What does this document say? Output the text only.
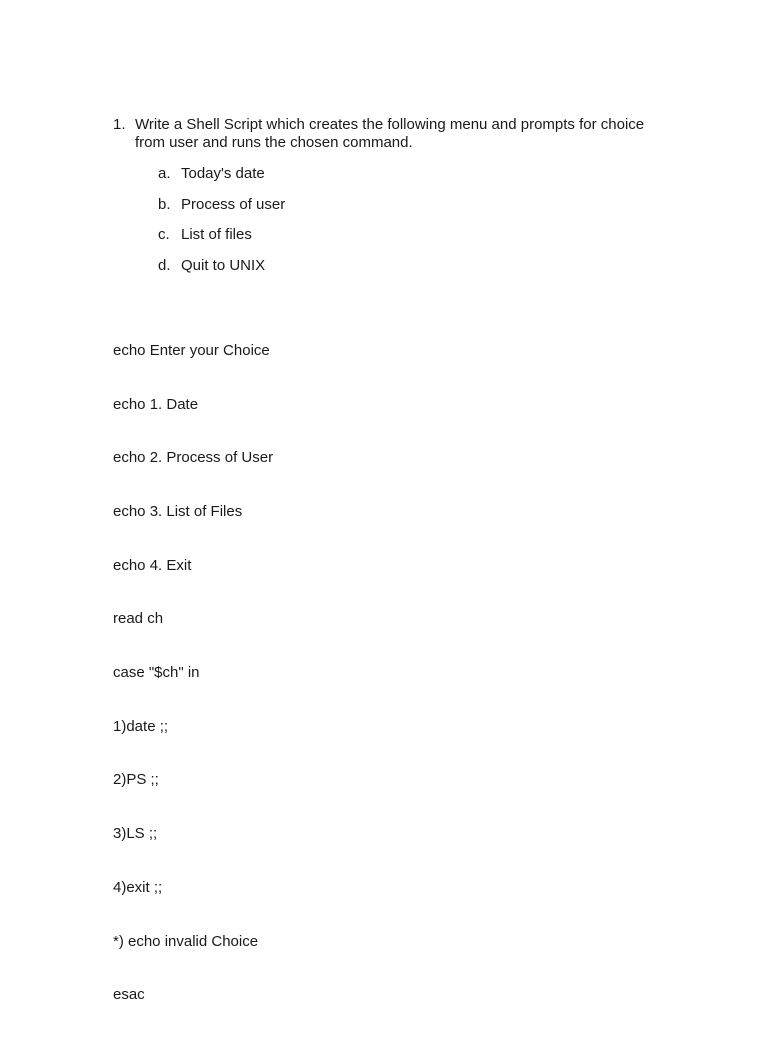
1. Write a Shell Script which creates the following menu and prompts for choice from user and runs the chosen command.
a. Today's date
b. Process of user
c. List of files
d. Quit to UNIX

echo Enter your Choice

echo 1. Date

echo 2. Process of User

echo 3. List of Files

echo 4. Exit

read ch

case "$ch" in

1)date ;;

2)PS ;;

3)LS ;;

4)exit ;;

*) echo invalid Choice

esac
